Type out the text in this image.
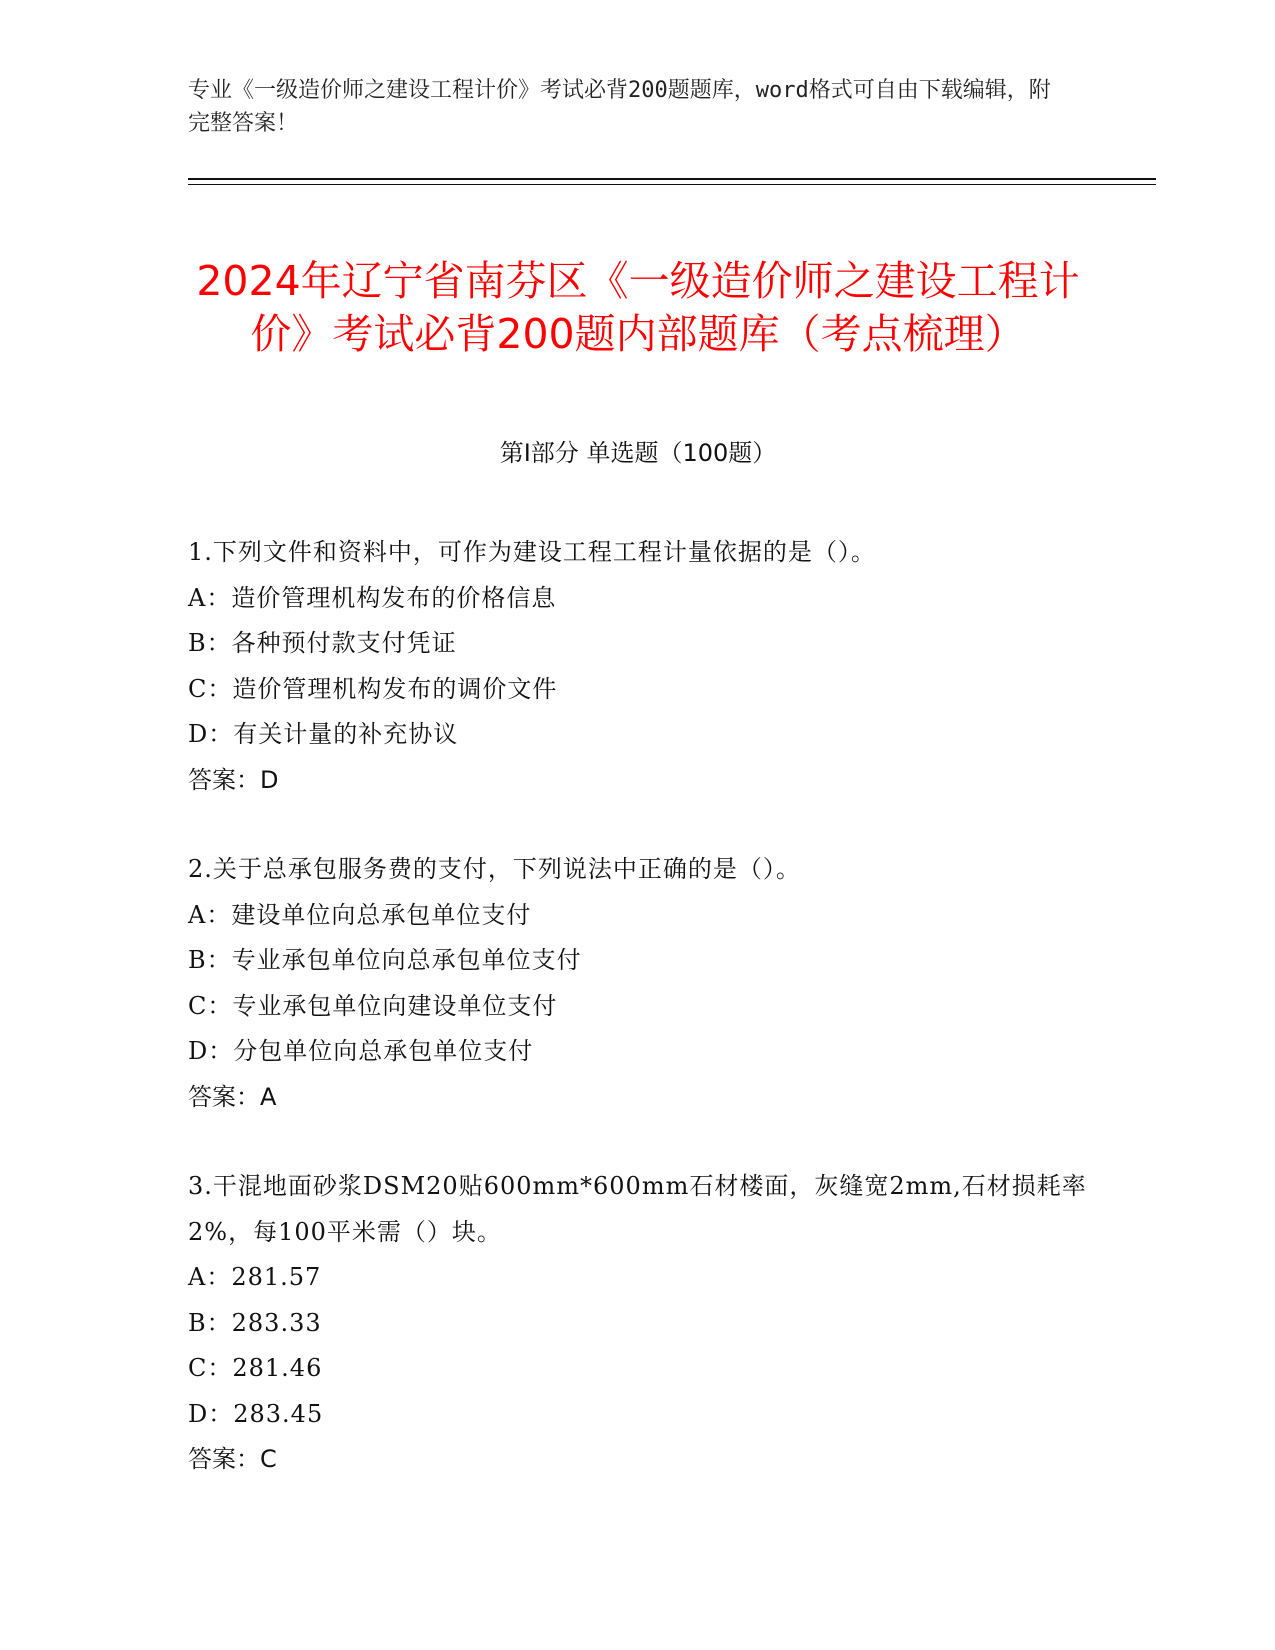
专业《一级造价师之建设工程计价》考试必背200题题库，word格式可自由下载编辑，附完整答案！
2024年辽宁省南芬区《一级造价师之建设工程计价》考试必背200题内部题库（考点梳理）
第I部分 单选题（100题）
1.下列文件和资料中，可作为建设工程工程计量依据的是（）。
A：造价管理机构发布的价格信息
B：各种预付款支付凭证
C：造价管理机构发布的调价文件
D：有关计量的补充协议
答案：D
2.关于总承包服务费的支付，下列说法中正确的是（）。
A：建设单位向总承包单位支付
B：专业承包单位向总承包单位支付
C：专业承包单位向建设单位支付
D：分包单位向总承包单位支付
答案：A
3.干混地面砂浆DSM20贴600mm*600mm石材楼面，灰缝宽2mm,石材损耗率2%，每100平米需（）块。
A：281.57
B：283.33
C：281.46
D：283.45
答案：C
